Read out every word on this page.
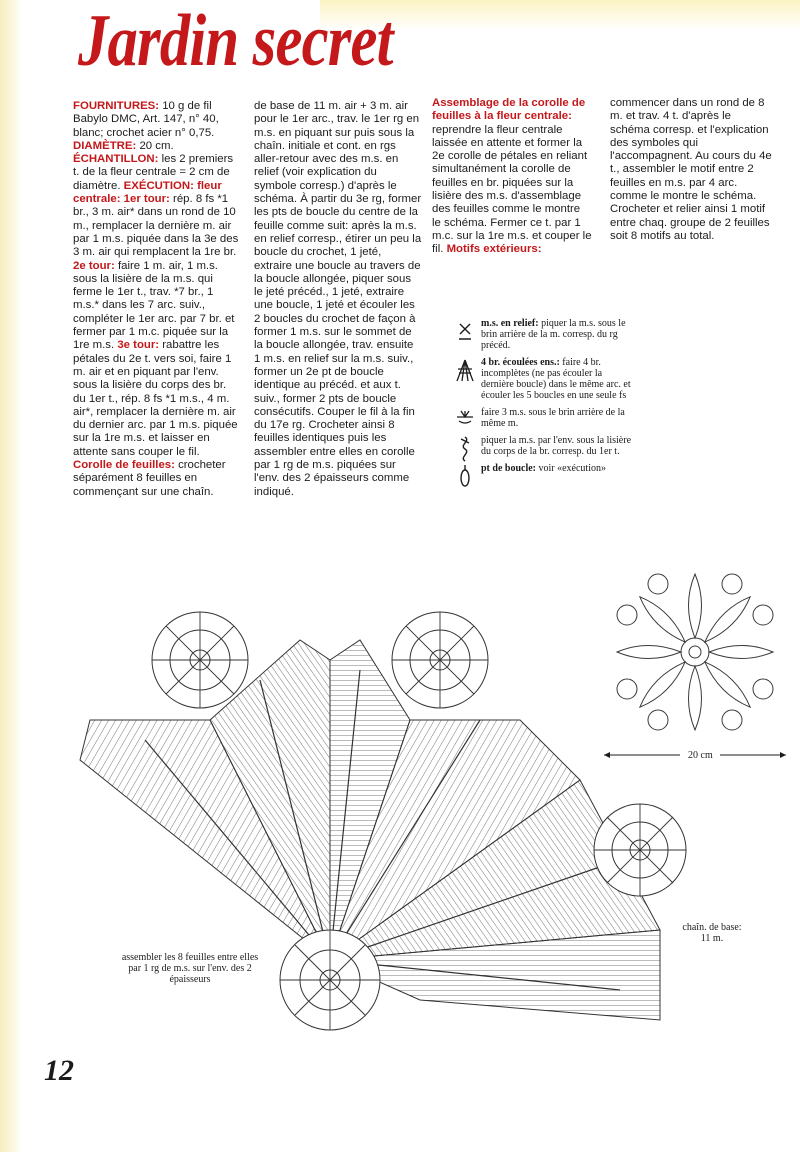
Jardin secret

FOURNITURES: 10 g de fil Babylo DMC, Art. 147, n° 40, blanc; crochet acier n° 0,75. DIAMÈTRE: 20 cm. ÉCHANTILLON: les 2 premiers t. de la fleur centrale = 2 cm de diamètre. EXÉCUTION: fleur centrale: 1er tour: rép. 8 fs *1 br., 3 m. air* dans un rond de 10 m., remplacer la dernière m. air par 1 m.s. piquée dans la 3e des 3 m. air qui remplacent la 1re br. 2e tour: faire 1 m. air, 1 m.s. sous la lisière de la m.s. qui ferme le 1er t., trav. *7 br., 1 m.s.* dans les 7 arc. suiv., compléter le 1er arc. par 7 br. et fermer par 1 m.c. piquée sur la 1re m.s. 3e tour: rabattre les pétales du 2e t. vers soi, faire 1 m. air et en piquant par l'env. sous la lisière du corps des br. du 1er t., rép. 8 fs *1 m.s., 4 m. air*, remplacer la dernière m. air du dernier arc. par 1 m.s. piquée sur la 1re m.s. et laisser en attente sans couper le fil. Corolle de feuilles: crocheter séparément 8 feuilles en commençant sur une chaîn.

de base de 11 m. air + 3 m. air pour le 1er arc., trav. le 1er rg en m.s. en piquant sur puis sous la chaîn. initiale et cont. en rgs aller-retour avec des m.s. en relief (voir explication du symbole corresp.) d'après le schéma. À partir du 3e rg, former les pts de boucle du centre de la feuille comme suit: après la m.s. en relief corresp., étirer un peu la boucle du crochet, 1 jeté, extraire une boucle au travers de la boucle allongée, piquer sous le jeté précéd., 1 jeté, extraire une boucle, 1 jeté et écouler les 2 boucles du crochet de façon à former 1 m.s. sur le sommet de la boucle allongée, trav. ensuite 1 m.s. en relief sur la m.s. suiv., former un 2e pt de boucle identique au précéd. et aux t. suiv., former 2 pts de boucle consécutifs. Couper le fil à la fin du 17e rg. Crocheter ainsi 8 feuilles identiques puis les assembler entre elles en corolle par 1 rg de m.s. piquées sur l'env. des 2 épaisseurs comme indiqué.

Assemblage de la corolle de feuilles à la fleur centrale: reprendre la fleur centrale laissée en attente et former la 2e corolle de pétales en reliant simultanément la corolle de feuilles en br. piquées sur la lisière des m.s. d'assemblage des feuilles comme le montre le schéma. Fermer ce t. par 1 m.c. sur la 1re m.s. et couper le fil. Motifs extérieurs:

commencer dans un rond de 8 m. et trav. 4 t. d'après le schéma corresp. et l'explication des symboles qui l'accompagnent. Au cours du 4e t., assembler le motif entre 2 feuilles en m.s. par 4 arc. comme le montre le schéma. Crocheter et relier ainsi 1 motif entre chaq. groupe de 2 feuilles soit 8 motifs au total.

m.s. en relief: piquer la m.s. sous le brin arrière de la m. corresp. du rg précéd.
4 br. écoulées ens.: faire 4 br. incomplètes (ne pas écouler la dernière boucle) dans le même arc. et écouler les 5 boucles en une seule fs
faire 3 m.s. sous le brin arrière de la même m.
piquer la m.s. par l'env. sous la lisière du corps de la br. corresp. du 1er t.
pt de boucle: voir «exécution»
20 cm
chaîn. de base: 11 m.
assembler les 8 feuilles entre elles par 1 rg de m.s. sur l'env. des 2 épaisseurs
12
